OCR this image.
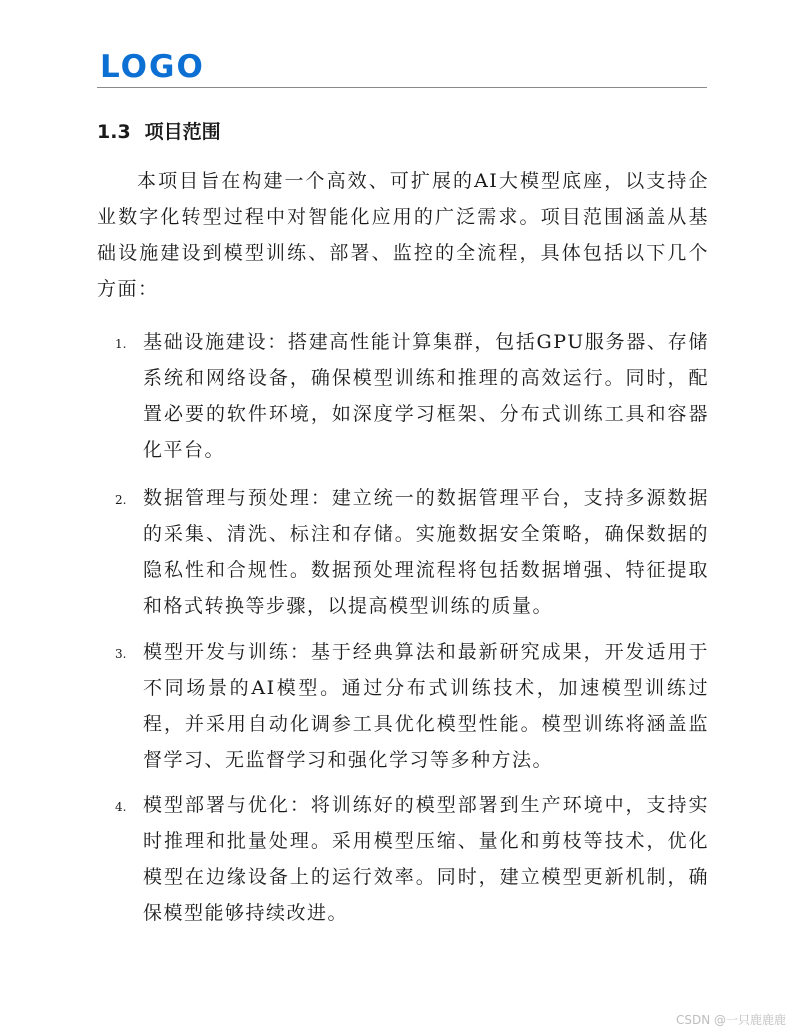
LOGO
1.3 项目范围

本项目旨在构建一个高效、可扩展的AI大模型底座，以支持企业数字化转型过程中对智能化应用的广泛需求。项目范围涵盖从基础设施建设到模型训练、部署、监控的全流程，具体包括以下几个方面：

1. 基础设施建设：搭建高性能计算集群，包括GPU服务器、存储系统和网络设备，确保模型训练和推理的高效运行。同时，配置必要的软件环境，如深度学习框架、分布式训练工具和容器化平台。

2. 数据管理与预处理：建立统一的数据管理平台，支持多源数据的采集、清洗、标注和存储。实施数据安全策略，确保数据的隐私性和合规性。数据预处理流程将包括数据增强、特征提取和格式转换等步骤，以提高模型训练的质量。

3. 模型开发与训练：基于经典算法和最新研究成果，开发适用于不同场景的AI模型。通过分布式训练技术，加速模型训练过程，并采用自动化调参工具优化模型性能。模型训练将涵盖监督学习、无监督学习和强化学习等多种方法。

4. 模型部署与优化：将训练好的模型部署到生产环境中，支持实时推理和批量处理。采用模型压缩、量化和剪枝等技术，优化模型在边缘设备上的运行效率。同时，建立模型更新机制，确保模型能够持续改进。

CSDN @一只鹿鹿鹿
